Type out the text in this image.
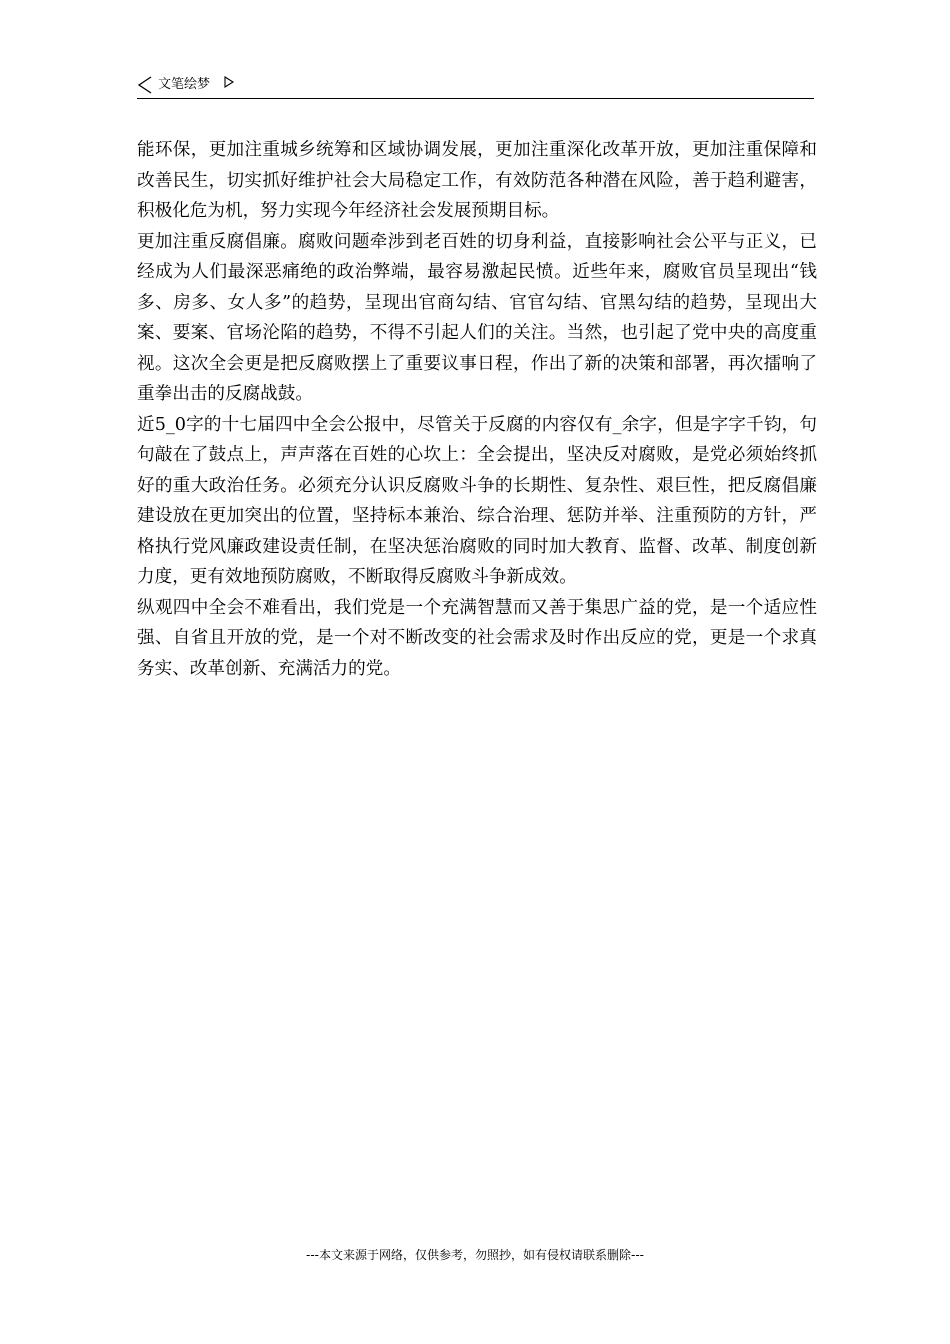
文笔绘梦

能环保，更加注重城乡统筹和区域协调发展，更加注重深化改革开放，更加注重保障和改善民生，切实抓好维护社会大局稳定工作，有效防范各种潜在风险，善于趋利避害，积极化危为机，努力实现今年经济社会发展预期目标。

更加注重反腐倡廉。腐败问题牵涉到老百姓的切身利益，直接影响社会公平与正义，已经成为人们最深恶痛绝的政治弊端，最容易激起民愤。近些年来，腐败官员呈现出“钱多、房多、女人多”的趋势，呈现出官商勾结、官官勾结、官黑勾结的趋势，呈现出大案、要案、官场沦陷的趋势，不得不引起人们的关注。当然，也引起了党中央的高度重视。这次全会更是把反腐败摆上了重要议事日程，作出了新的决策和部署，再次擂响了重拳出击的反腐战鼓。

近5_0字的十七届四中全会公报中，尽管关于反腐的内容仅有_余字，但是字字千钧，句句敲在了鼓点上，声声落在百姓的心坎上：全会提出，坚决反对腐败，是党必须始终抓好的重大政治任务。必须充分认识反腐败斗争的长期性、复杂性、艰巨性，把反腐倡廉建设放在更加突出的位置，坚持标本兼治、综合治理、惩防并举、注重预防的方针，严格执行党风廉政建设责任制，在坚决惩治腐败的同时加大教育、监督、改革、制度创新力度，更有效地预防腐败，不断取得反腐败斗争新成效。

纵观四中全会不难看出，我们党是一个充满智慧而又善于集思广益的党，是一个适应性强、自省且开放的党，是一个对不断改变的社会需求及时作出反应的党，更是一个求真务实、改革创新、充满活力的党。

---本文来源于网络，仅供参考，勿照抄，如有侵权请联系删除---
